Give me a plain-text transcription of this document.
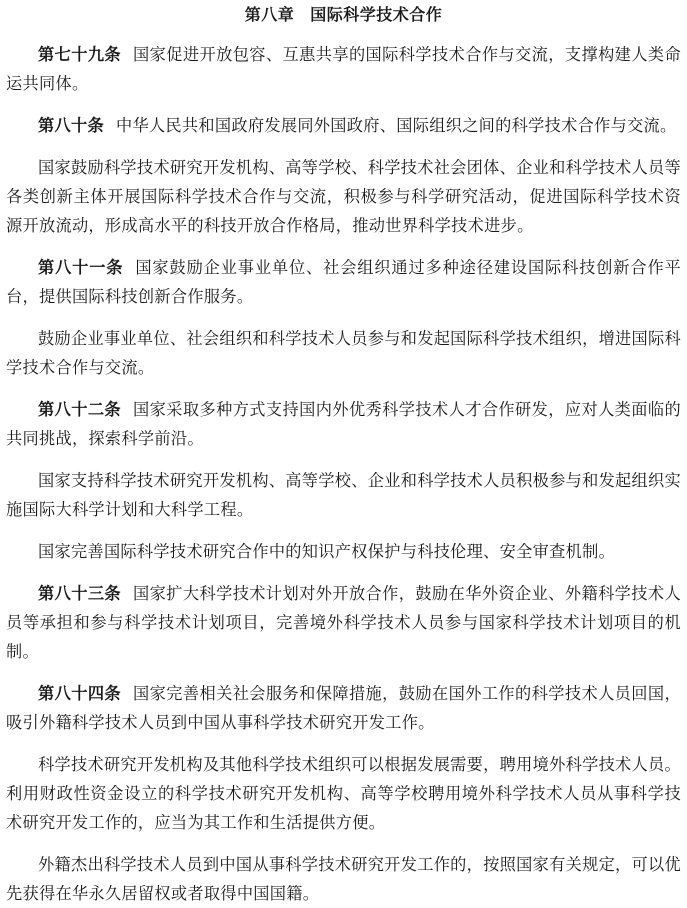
第八章 国际科学技术合作

第七十九条 国家促进开放包容、互惠共享的国际科学技术合作与交流，支撑构建人类命运共同体。

第八十条 中华人民共和国政府发展同外国政府、国际组织之间的科学技术合作与交流。

国家鼓励科学技术研究开发机构、高等学校、科学技术社会团体、企业和科学技术人员等各类创新主体开展国际科学技术合作与交流，积极参与科学研究活动，促进国际科学技术资源开放流动，形成高水平的科技开放合作格局，推动世界科学技术进步。

第八十一条 国家鼓励企业事业单位、社会组织通过多种途径建设国际科技创新合作平台，提供国际科技创新合作服务。

鼓励企业事业单位、社会组织和科学技术人员参与和发起国际科学技术组织，增进国际科学技术合作与交流。

第八十二条 国家采取多种方式支持国内外优秀科学技术人才合作研发，应对人类面临的共同挑战，探索科学前沿。

国家支持科学技术研究开发机构、高等学校、企业和科学技术人员积极参与和发起组织实施国际大科学计划和大科学工程。

国家完善国际科学技术研究合作中的知识产权保护与科技伦理、安全审查机制。

第八十三条 国家扩大科学技术计划对外开放合作，鼓励在华外资企业、外籍科学技术人员等承担和参与科学技术计划项目，完善境外科学技术人员参与国家科学技术计划项目的机制。

第八十四条 国家完善相关社会服务和保障措施，鼓励在国外工作的科学技术人员回国，吸引外籍科学技术人员到中国从事科学技术研究开发工作。

科学技术研究开发机构及其他科学技术组织可以根据发展需要，聘用境外科学技术人员。利用财政性资金设立的科学技术研究开发机构、高等学校聘用境外科学技术人员从事科学技术研究开发工作的，应当为其工作和生活提供方便。

外籍杰出科学技术人员到中国从事科学技术研究开发工作的，按照国家有关规定，可以优先获得在华永久居留权或者取得中国国籍。
